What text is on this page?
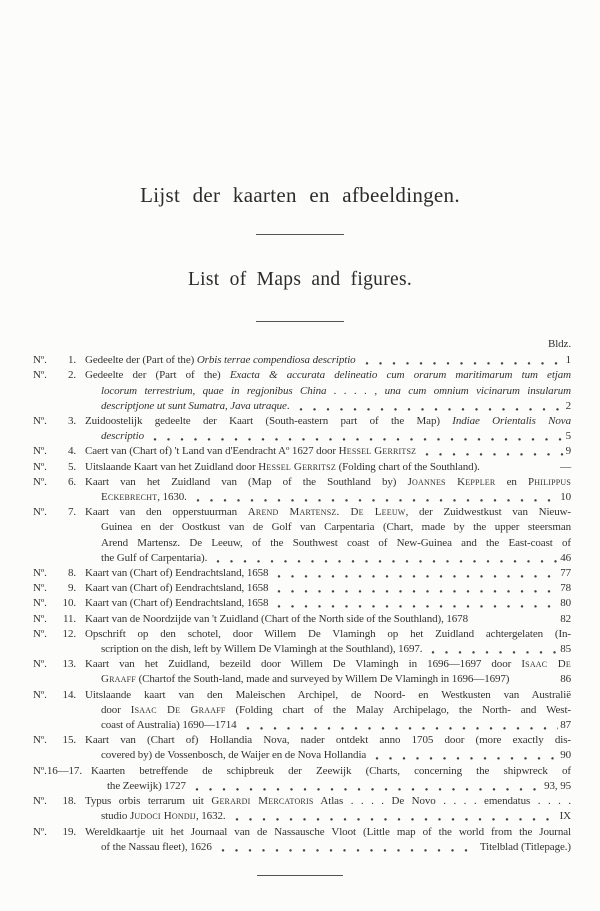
Lijst der kaarten en afbeeldingen.
List of Maps and figures.
Bldz.
Nº. 1. Gedeelte der (Part of the) Orbis terrae compendiosa descriptio	1
Nº. 2. Gedeelte der (Part of the) Exacta & accurata delineatio cum orarum maritimarum tum etjam
locorum terrestrium, quae in regjonibus China . . . . , una cum omnium vicinarum insularum
descriptjone ut sunt Sumatra, Java utraque.	2
Nº. 3. Zuidoostelijk gedeelte der Kaart (South-eastern part of the Map) Indiae Orientalis Nova
descriptio	5
Nº. 4. Caert van (Chart of) 't Land van d'Eendracht Aº 1627 door Hessel Gerritsz	9
Nº. 5. Uitslaande Kaart van het Zuidland door Hessel Gerritsz (Folding chart of the Southland).	—
Nº. 6. Kaart van het Zuidland van (Map of the Southland by) Joannes Keppler en Philippus
Eckebrecht, 1630.	10
Nº. 7. Kaart van den opperstuurman Arend Martensz. De Leeuw, der Zuidwestkust van Nieuw-
Guinea en der Oostkust van de Golf van Carpentaria (Chart, made by the upper steersman
Arend Martensz. De Leeuw, of the Southwest coast of New-Guinea and the East-coast of
the Gulf of Carpentaria).	46
Nº. 8. Kaart van (Chart of) Eendrachtsland, 1658	77
Nº. 9. Kaart van (Chart of) Eendrachtsland, 1658	78
Nº. 10. Kaart van (Chart of) Eendrachtsland, 1658	80
Nº. 11. Kaart van de Noordzijde van 't Zuidland (Chart of the North side of the Southland), 1678	82
Nº. 12. Opschrift op den schotel, door Willem De Vlamingh op het Zuidland achtergelaten (In-
scription on the dish, left by Willem De Vlamingh at the Southland), 1697.	85
Nº. 13. Kaart van het Zuidland, bezeild door Willem De Vlamingh in 1696—1697 door Isaac De
Graaff (Chartof the South-land, made and surveyed by Willem De Vlamingh in 1696—1697)	86
Nº. 14. Uitslaande kaart van den Maleischen Archipel, de Noord- en Westkusten van Australië
door Isaac De Graaff (Folding chart of the Malay Archipelago, the North- and West-
coast of Australia) 1690—1714	87
Nº. 15. Kaart van (Chart of) Hollandia Nova, nader ontdekt anno 1705 door (more exactly dis-
covered by) de Vossenbosch, de Waijer en de Nova Hollandia	90
Nº. 16—17. Kaarten betreffende de schipbreuk der Zeewijk (Charts, concerning the shipwreck of
the Zeewijk) 1727	93, 95
Nº. 18. Typus orbis terrarum uit Gerardi Mercatoris Atlas . . . . De Novo . . . . emendatus . . . .
studio Judoci Hondij, 1632.	IX
Nº. 19. Wereldkaartje uit het Journaal van de Nassausche Vloot (Little map of the world from the Journal
of the Nassau fleet), 1626	Titelblad (Titlepage.)
